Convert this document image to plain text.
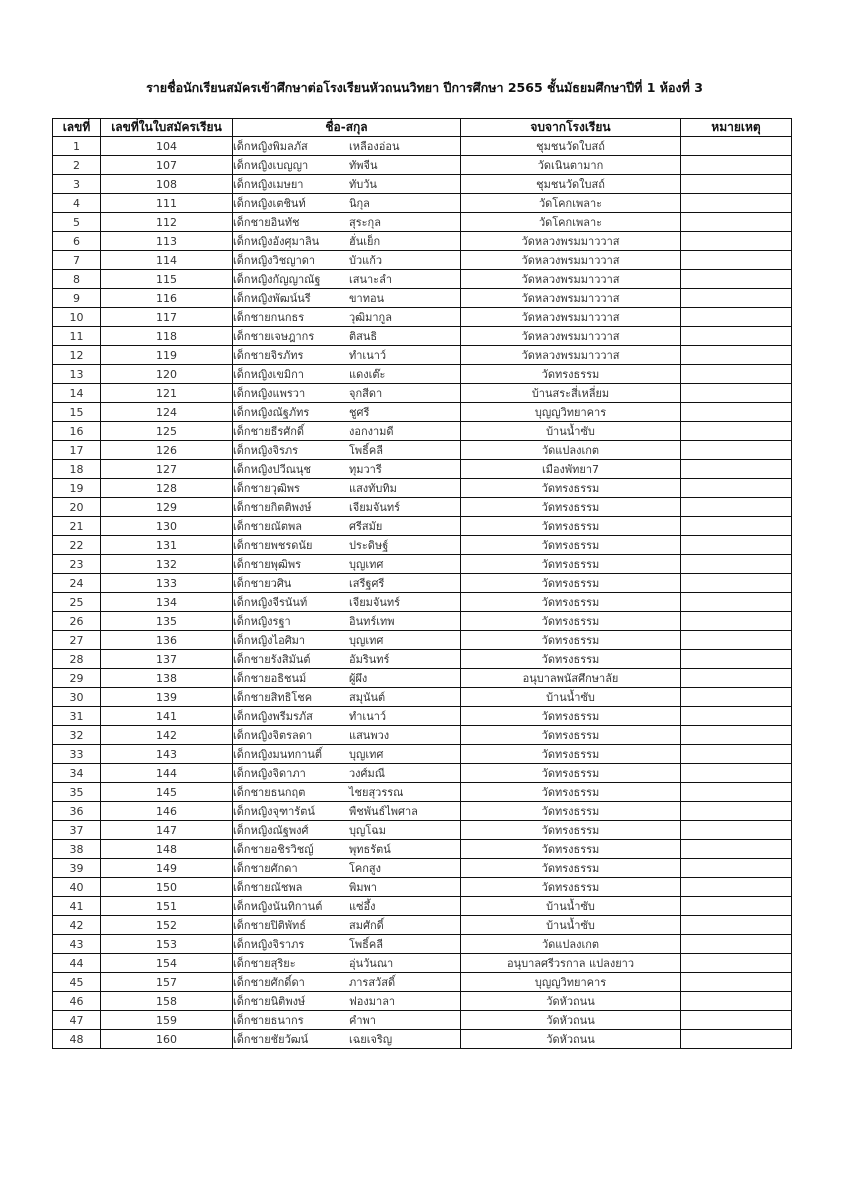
รายชื่อนักเรียนสมัครเข้าศึกษาต่อโรงเรียนหัวถนนวิทยา ปีการศึกษา 2565 ชั้นมัธยมศึกษาปีที่ 1 ห้องที่ 3
เลขที่	เลขที่ในใบสมัครเรียน	ชื่อ-สกุล	จบจากโรงเรียน	หมายเหตุ
1	104	เด็กหญิงพิมลภัส เหลืองอ่อน	ชุมชนวัดใบสถ์	
2	107	เด็กหญิงเบญญา ทัพจีน	วัดเนินตามาก	
3	108	เด็กหญิงเมษยา ทับวัน	ชุมชนวัดใบสถ์	
4	111	เด็กหญิงเตชินท์ นิกุล	วัดโคกเพลาะ	
5	112	เด็กชายอินทัช สุระกุล	วัดโคกเพลาะ	
6	113	เด็กหญิงอังศุมาลิน ฮั่นเย็ก	วัดหลวงพรมมาววาส	
7	114	เด็กหญิงวิชญาดา บัวแก้ว	วัดหลวงพรมมาววาส	
8	115	เด็กหญิงกัญญาณัฐ เสนาะลำ	วัดหลวงพรมมาววาส	
9	116	เด็กหญิงพัฒน์นรี ขาทอน	วัดหลวงพรมมาววาส	
10	117	เด็กชายกนกธร วุฒิมากูล	วัดหลวงพรมมาววาส	
11	118	เด็กชายเจษฎากร ติสนธิ	วัดหลวงพรมมาววาส	
12	119	เด็กชายจิรภัทร ทำเนาว์	วัดหลวงพรมมาววาส	
13	120	เด็กหญิงเขมิกา แดงเต๊ะ	วัดทรงธรรม	
14	121	เด็กหญิงแพรวา จุกสีดา	บ้านสระสี่เหลี่ยม	
15	124	เด็กหญิงณัฐภัทร ชูศรี	บุญญวิทยาคาร	
16	125	เด็กชายธีรศักดิ์ งอกงามดี	บ้านน้ำซับ	
17	126	เด็กหญิงจิรภร โพธิ์คลี	วัดแปลงเกต	
18	127	เด็กหญิงปวีณนุช ทุมวารี	เมืองพัทยา7	
19	128	เด็กชายวุฒิพร แสงทับทิม	วัดทรงธรรม	
20	129	เด็กชายกิตติพงษ์ เจียมจันทร์	วัดทรงธรรม	
21	130	เด็กชายณัตพล ศรีสมัย	วัดทรงธรรม	
22	131	เด็กชายพชรดนัย ประดิษฐ์	วัดทรงธรรม	
23	132	เด็กชายพุฒิพร บุญเทศ	วัดทรงธรรม	
24	133	เด็กชายวศิน เสรีฐศรี	วัดทรงธรรม	
25	134	เด็กหญิงจีรนันท์ เจียมจันทร์	วัดทรงธรรม	
26	135	เด็กหญิงรฐา อินทร์เทพ	วัดทรงธรรม	
27	136	เด็กหญิงไอศิมา บุญเทศ	วัดทรงธรรม	
28	137	เด็กชายรังสิมันต์ อัมรินทร์	วัดทรงธรรม	
29	138	เด็กชายอธิชนม์ ผู้ผึง	อนุบาลพนัสศึกษาลัย	
30	139	เด็กชายสิทธิโชค สมุนันต์	บ้านน้ำซับ	
31	141	เด็กหญิงพรีมรภัส ทำเนาว์	วัดทรงธรรม	
32	142	เด็กหญิงจิตรลดา แสนพวง	วัดทรงธรรม	
33	143	เด็กหญิงมนทกานติ์ บุญเทศ	วัดทรงธรรม	
34	144	เด็กหญิงจิดาภา วงศ์มณี	วัดทรงธรรม	
35	145	เด็กชายธนกฤต ไชยสุวรรณ	วัดทรงธรรม	
36	146	เด็กหญิงจุฑารัตน์ พืชพันธ์ไพศาล	วัดทรงธรรม	
37	147	เด็กหญิงณัฐพงศ์ บุญโฉม	วัดทรงธรรม	
38	148	เด็กชายอชิรวิชญ์ พุทธรัตน์	วัดทรงธรรม	
39	149	เด็กชายศักดา โคกสูง	วัดทรงธรรม	
40	150	เด็กชายณัชพล พิมพา	วัดทรงธรรม	
41	151	เด็กหญิงนันทิกานต์ แซ่อึ้ง	บ้านน้ำซับ	
42	152	เด็กชายปิติพัทธ์ สมศักดิ์	บ้านน้ำซับ	
43	153	เด็กหญิงจิราภร โพธิ์คลี	วัดแปลงเกต	
44	154	เด็กชายสุริยะ อุ่นวันณา	อนุบาลศรีวรกาล แปลงยาว	
45	157	เด็กชายศักดิ์ดา ภารสวัสดิ์	บุญญวิทยาคาร	
46	158	เด็กชายนิติพงษ์ ฟองมาลา	วัดหัวถนน	
47	159	เด็กชายธนากร คำพา	วัดหัวถนน	
48	160	เด็กชายชัยวัฒน์ เฉยเจริญ	วัดหัวถนน	
